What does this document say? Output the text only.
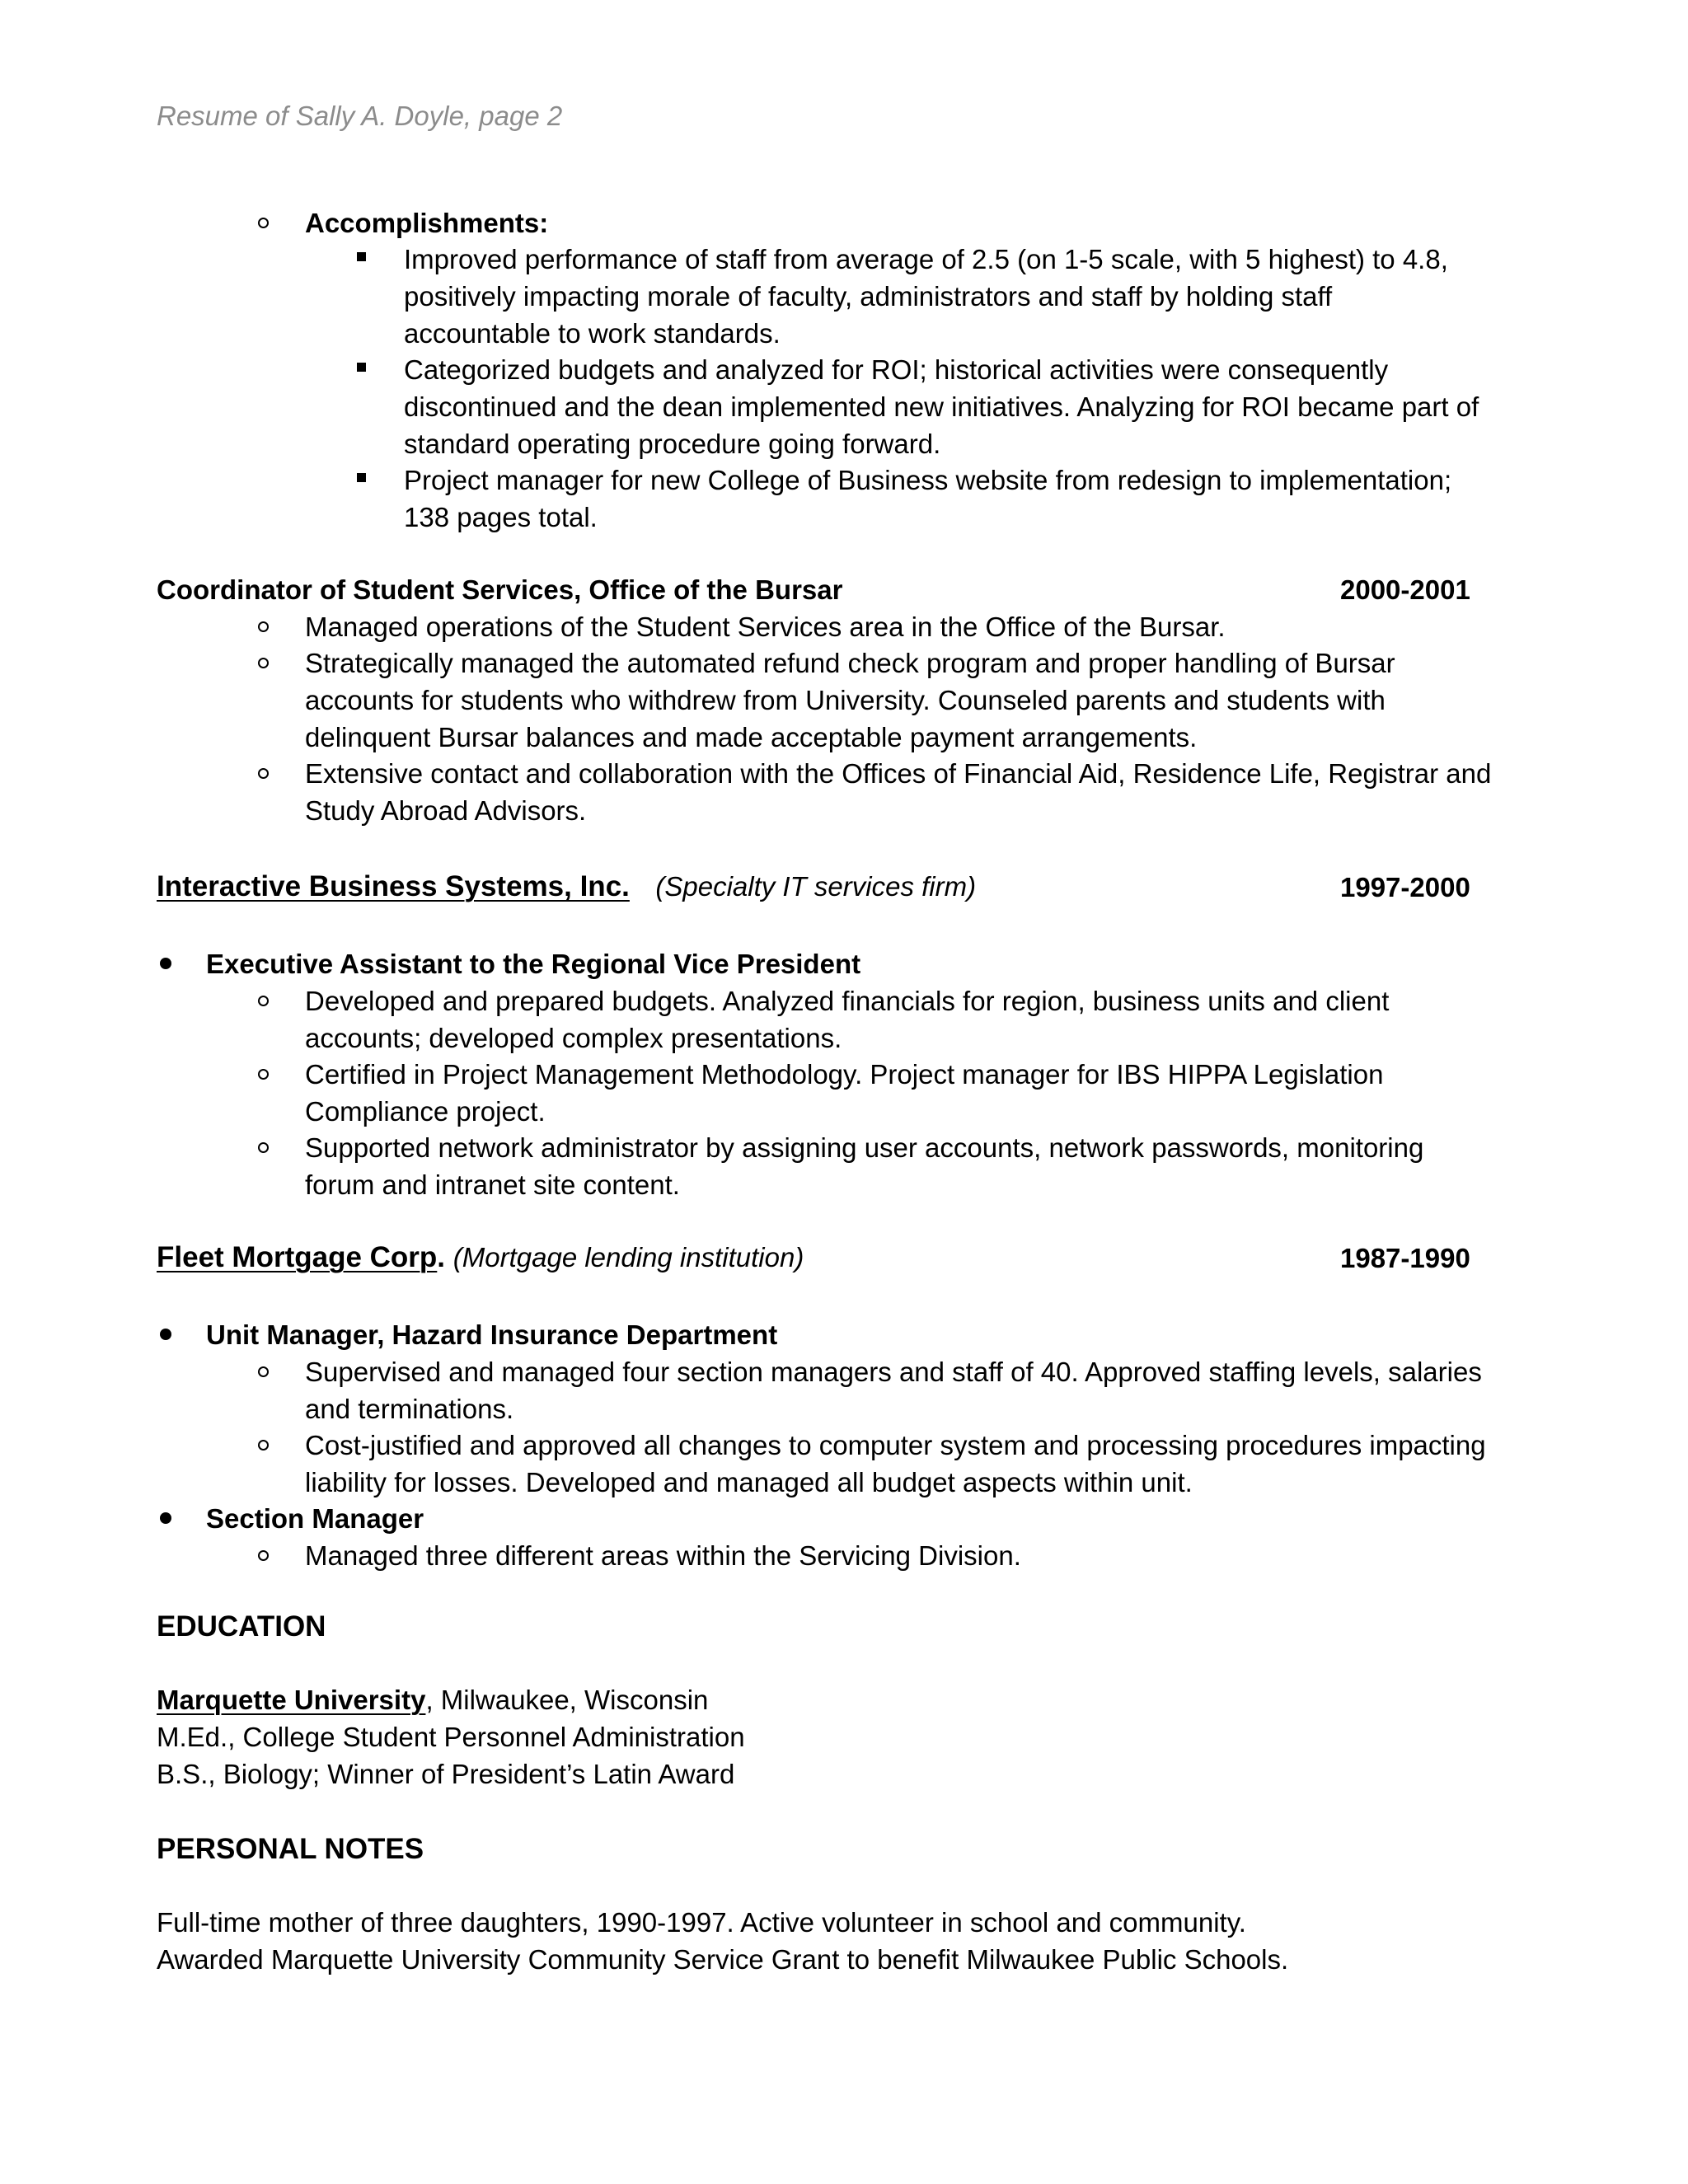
Resume of Sally A. Doyle, page 2
Accomplishments:
Improved performance of staff from average of 2.5 (on 1-5 scale, with 5 highest) to 4.8,
positively impacting morale of faculty, administrators and staff by holding staff
accountable to work standards.
Categorized budgets and analyzed for ROI; historical activities were consequently
discontinued and the dean implemented new initiatives. Analyzing for ROI became part of
standard operating procedure going forward.
Project manager for new College of Business website from redesign to implementation;
138 pages total.
Coordinator of Student Services, Office of the Bursar	2000-2001
Managed operations of the Student Services area in the Office of the Bursar.
Strategically managed the automated refund check program and proper handling of Bursar
accounts for students who withdrew from University. Counseled parents and students with
delinquent Bursar balances and made acceptable payment arrangements.
Extensive contact and collaboration with the Offices of Financial Aid, Residence Life, Registrar and
Study Abroad Advisors.
Interactive Business Systems, Inc. (Specialty IT services firm)	1997-2000
Executive Assistant to the Regional Vice President
Developed and prepared budgets. Analyzed financials for region, business units and client
accounts; developed complex presentations.
Certified in Project Management Methodology. Project manager for IBS HIPPA Legislation
Compliance project.
Supported network administrator by assigning user accounts, network passwords, monitoring
forum and intranet site content.
Fleet Mortgage Corp. (Mortgage lending institution)	1987-1990
Unit Manager, Hazard Insurance Department
Supervised and managed four section managers and staff of 40. Approved staffing levels, salaries
and terminations.
Cost-justified and approved all changes to computer system and processing procedures impacting
liability for losses. Developed and managed all budget aspects within unit.
Section Manager
Managed three different areas within the Servicing Division.
EDUCATION
Marquette University, Milwaukee, Wisconsin
M.Ed., College Student Personnel Administration
B.S., Biology; Winner of President’s Latin Award
PERSONAL NOTES
Full-time mother of three daughters, 1990-1997. Active volunteer in school and community.
Awarded Marquette University Community Service Grant to benefit Milwaukee Public Schools.
